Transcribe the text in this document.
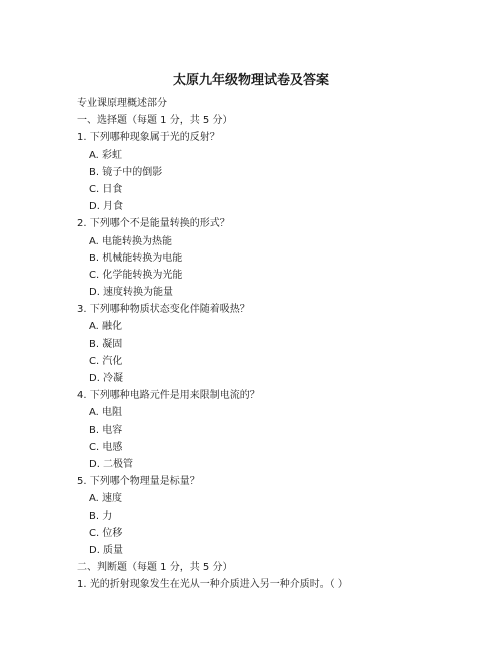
太原九年级物理试卷及答案
专业课原理概述部分
一、选择题（每题 1 分，共 5 分）
1. 下列哪种现象属于光的反射？
A. 彩虹
B. 镜子中的倒影
C. 日食
D. 月食
2. 下列哪个不是能量转换的形式？
A. 电能转换为热能
B. 机械能转换为电能
C. 化学能转换为光能
D. 速度转换为能量
3. 下列哪种物质状态变化伴随着吸热？
A. 融化
B. 凝固
C. 汽化
D. 冷凝
4. 下列哪种电路元件是用来限制电流的？
A. 电阻
B. 电容
C. 电感
D. 二极管
5. 下列哪个物理量是标量？
A. 速度
B. 力
C. 位移
D. 质量
二、判断题（每题 1 分，共 5 分）
1. 光的折射现象发生在光从一种介质进入另一种介质时。（ ）
